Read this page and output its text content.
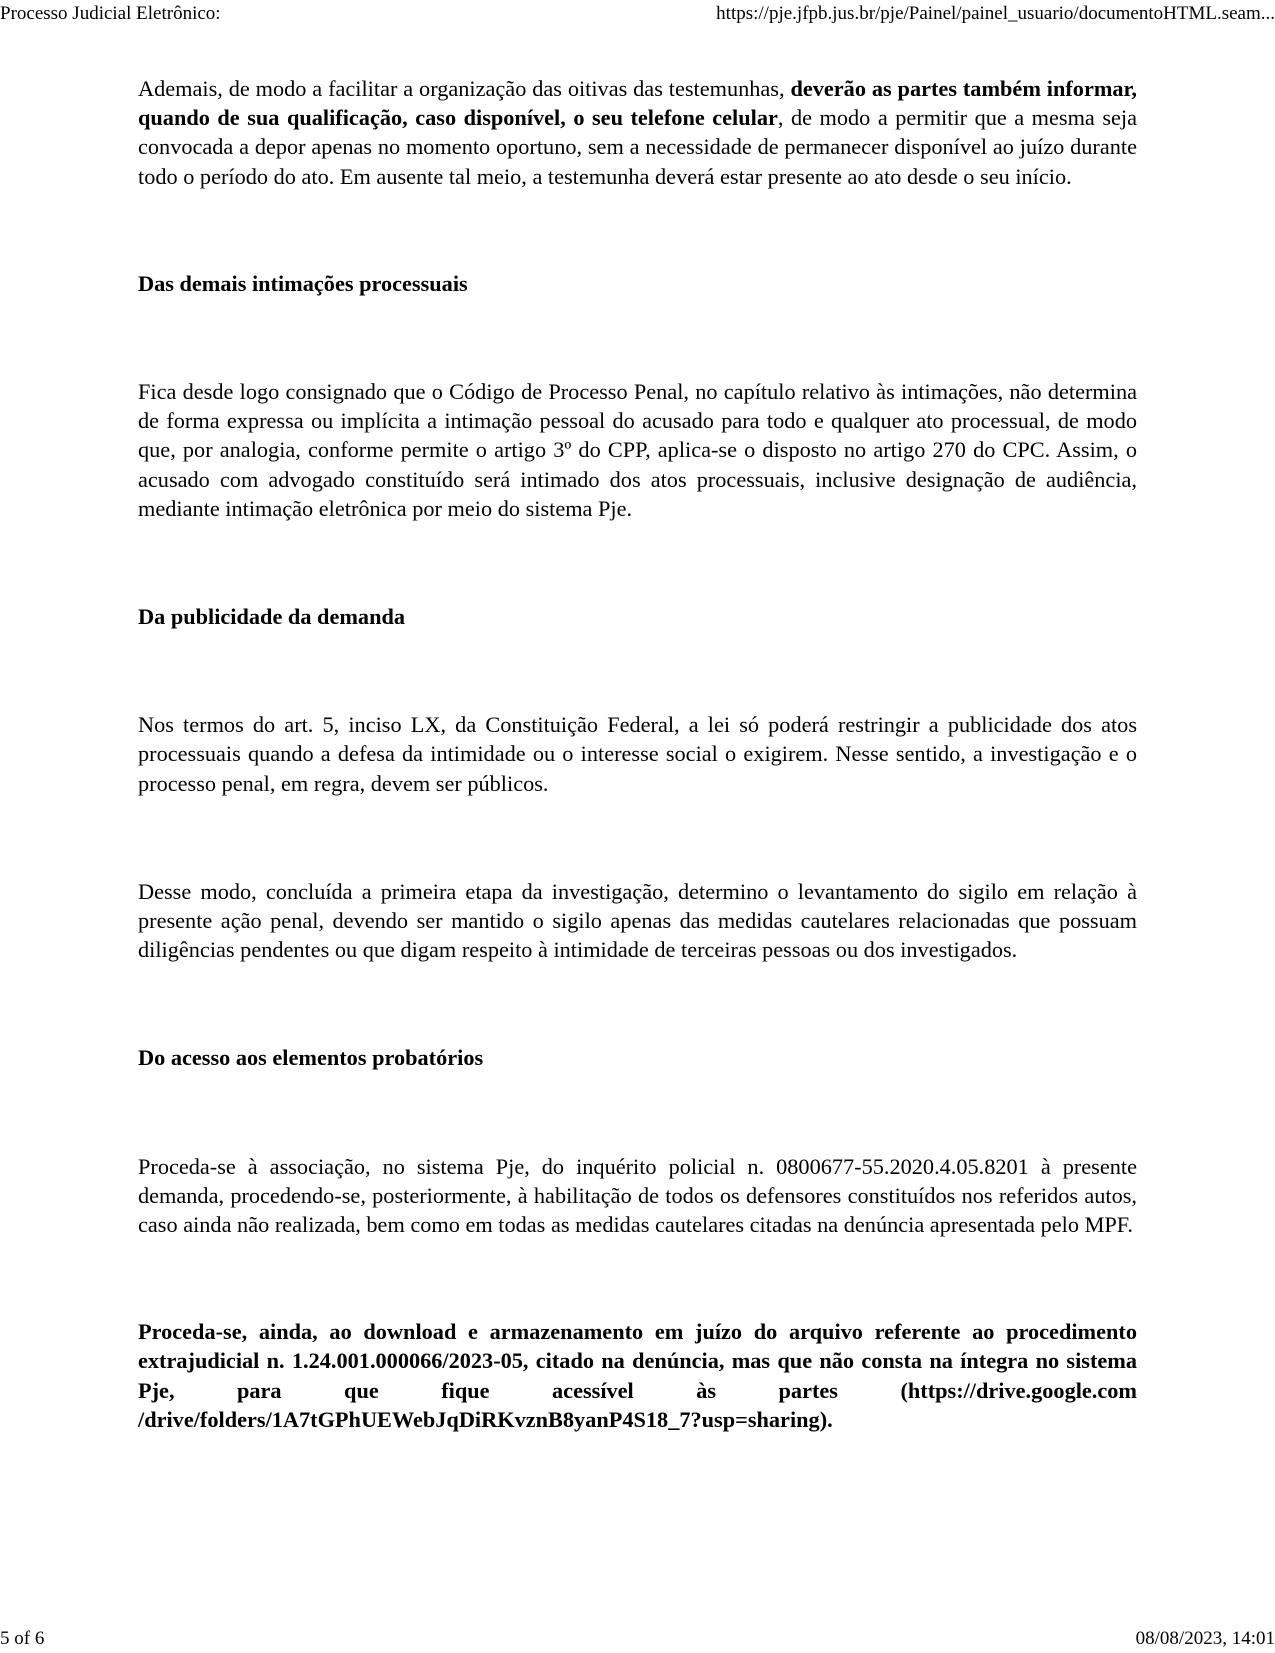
Processo Judicial Eletrônico:	https://pje.jfpb.jus.br/pje/Painel/painel_usuario/documentoHTML.seam...

Ademais, de modo a facilitar a organização das oitivas das testemunhas, deverão as partes também informar, quando de sua qualificação, caso disponível, o seu telefone celular, de modo a permitir que a mesma seja convocada a depor apenas no momento oportuno, sem a necessidade de permanecer disponível ao juízo durante todo o período do ato. Em ausente tal meio, a testemunha deverá estar presente ao ato desde o seu início.

Das demais intimações processuais

Fica desde logo consignado que o Código de Processo Penal, no capítulo relativo às intimações, não determina de forma expressa ou implícita a intimação pessoal do acusado para todo e qualquer ato processual, de modo que, por analogia, conforme permite o artigo 3º do CPP, aplica-se o disposto no artigo 270 do CPC. Assim, o acusado com advogado constituído será intimado dos atos processuais, inclusive designação de audiência, mediante intimação eletrônica por meio do sistema Pje.

Da publicidade da demanda

Nos termos do art. 5, inciso LX, da Constituição Federal, a lei só poderá restringir a publicidade dos atos processuais quando a defesa da intimidade ou o interesse social o exigirem. Nesse sentido, a investigação e o processo penal, em regra, devem ser públicos.

Desse modo, concluída a primeira etapa da investigação, determino o levantamento do sigilo em relação à presente ação penal, devendo ser mantido o sigilo apenas das medidas cautelares relacionadas que possuam diligências pendentes ou que digam respeito à intimidade de terceiras pessoas ou dos investigados.

Do acesso aos elementos probatórios

Proceda-se à associação, no sistema Pje, do inquérito policial n. 0800677-55.2020.4.05.8201 à presente demanda, procedendo-se, posteriormente, à habilitação de todos os defensores constituídos nos referidos autos, caso ainda não realizada, bem como em todas as medidas cautelares citadas na denúncia apresentada pelo MPF.

Proceda-se, ainda, ao download e armazenamento em juízo do arquivo referente ao procedimento extrajudicial n. 1.24.001.000066/2023-05, citado na denúncia, mas que não consta na íntegra no sistema Pje, para que fique acessível às partes (https://drive.google.com /drive/folders/1A7tGPhUEWebJqDiRKvznB8yanP4S18_7?usp=sharing).

5 of 6	08/08/2023, 14:01
